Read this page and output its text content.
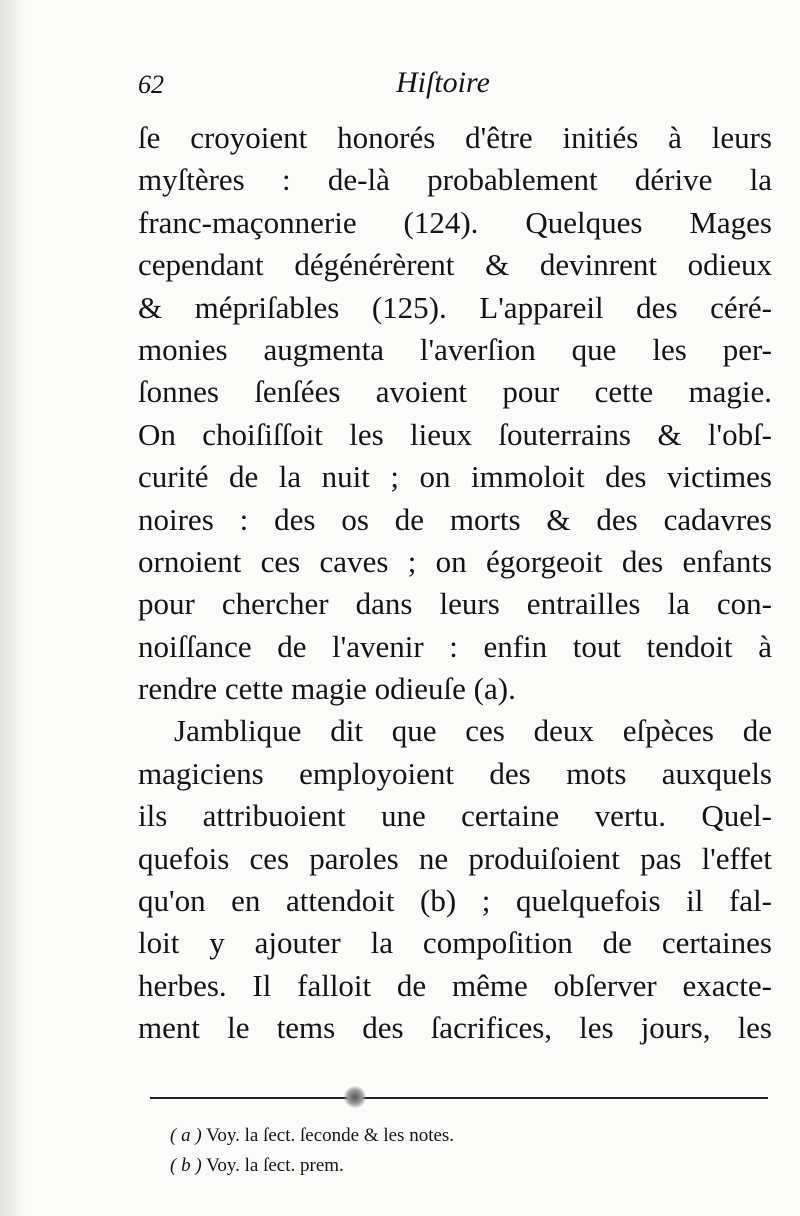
62	Hiſtoire
ſe croyoient honorés d'être initiés à leurs
myſtères : de-là probablement dérive la
franc-maçonnerie (124). Quelques Mages
cependant dégénérèrent & devinrent odieux
& mépriſables (125). L'appareil des céré-
monies augmenta l'averſion que les per-
ſonnes ſenſées avoient pour cette magie.
On choiſiſſoit les lieux ſouterrains & l'obſ-
curité de la nuit ; on immoloit des victimes
noires : des os de morts & des cadavres
ornoient ces caves ; on égorgeoit des enfants
pour chercher dans leurs entrailles la con-
noiſſance de l'avenir : enfin tout tendoit à
rendre cette magie odieuſe (a).
Jamblique dit que ces deux eſpèces de
magiciens employoient des mots auxquels
ils attribuoient une certaine vertu. Quel-
quefois ces paroles ne produiſoient pas l'effet
qu'on en attendoit (b) ; quelquefois il fal-
loit y ajouter la compoſition de certaines
herbes. Il falloit de même obſerver exacte-
ment le tems des ſacrifices, les jours, les
( a ) Voy. la ſect. ſeconde & les notes.
( b ) Voy. la ſect. prem.
